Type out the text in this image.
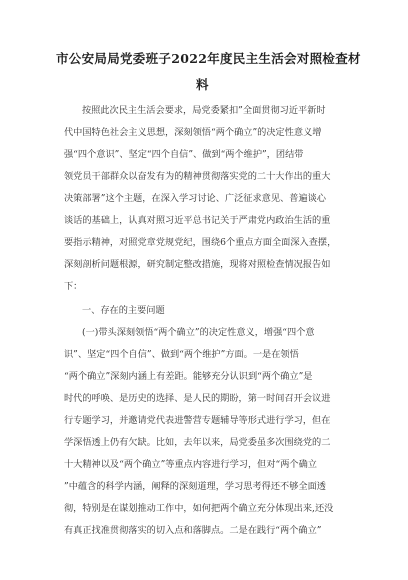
市公安局局党委班子2022年度民主生活会对照检查材
料
按照此次民主生活会要求，局党委紧扣”全面贯彻习近平新时
代中国特色社会主义思想，深刻领悟“两个确立”的决定性意义增
强“四个意识”、坚定“四个自信”、做到“两个维护”，团结带
领党员干部群众以奋发有为的精神贯彻落实党的二十大作出的重大
决策部署”这个主题，在深入学习讨论、广泛征求意见、普遍谈心
谈话的基础上，认真对照习近平总书记关于严肃党内政治生活的重
要指示精神，对照党章党规党纪，围绕6个重点方面全面深入查摆，
深刻剖析问题根源，研究制定整改措施，现将对照检查情况报告如
下：
一、存在的主要问题
(一)带头深刻领悟“两个确立”的决定性意义，增强“四个意
识”、坚定“四个自信”、做到“两个维护”方面。一是在领悟
“两个确立”深刻内涵上有差距。能够充分认识到“两个确立”是
时代的呼唤、是历史的选择、是人民的期盼，第一时间召开会议进
行专题学习，并邀请党代表进警营专题辅导等形式进行学习，但在
学深悟透上仍有欠缺。比如，去年以来，局党委虽多次围绕党的二
十大精神以及“两个确立”等重点内容进行学习，但对“两个确立
”中蕴含的科学内涵，阐释的深刻道理，学习思考得还不够全面透
彻，特别是在谋划推动工作中，如何把两个确立充分体现出来,还没
有真正找准贯彻落实的切入点和落脚点。二是在践行“两个确立”
